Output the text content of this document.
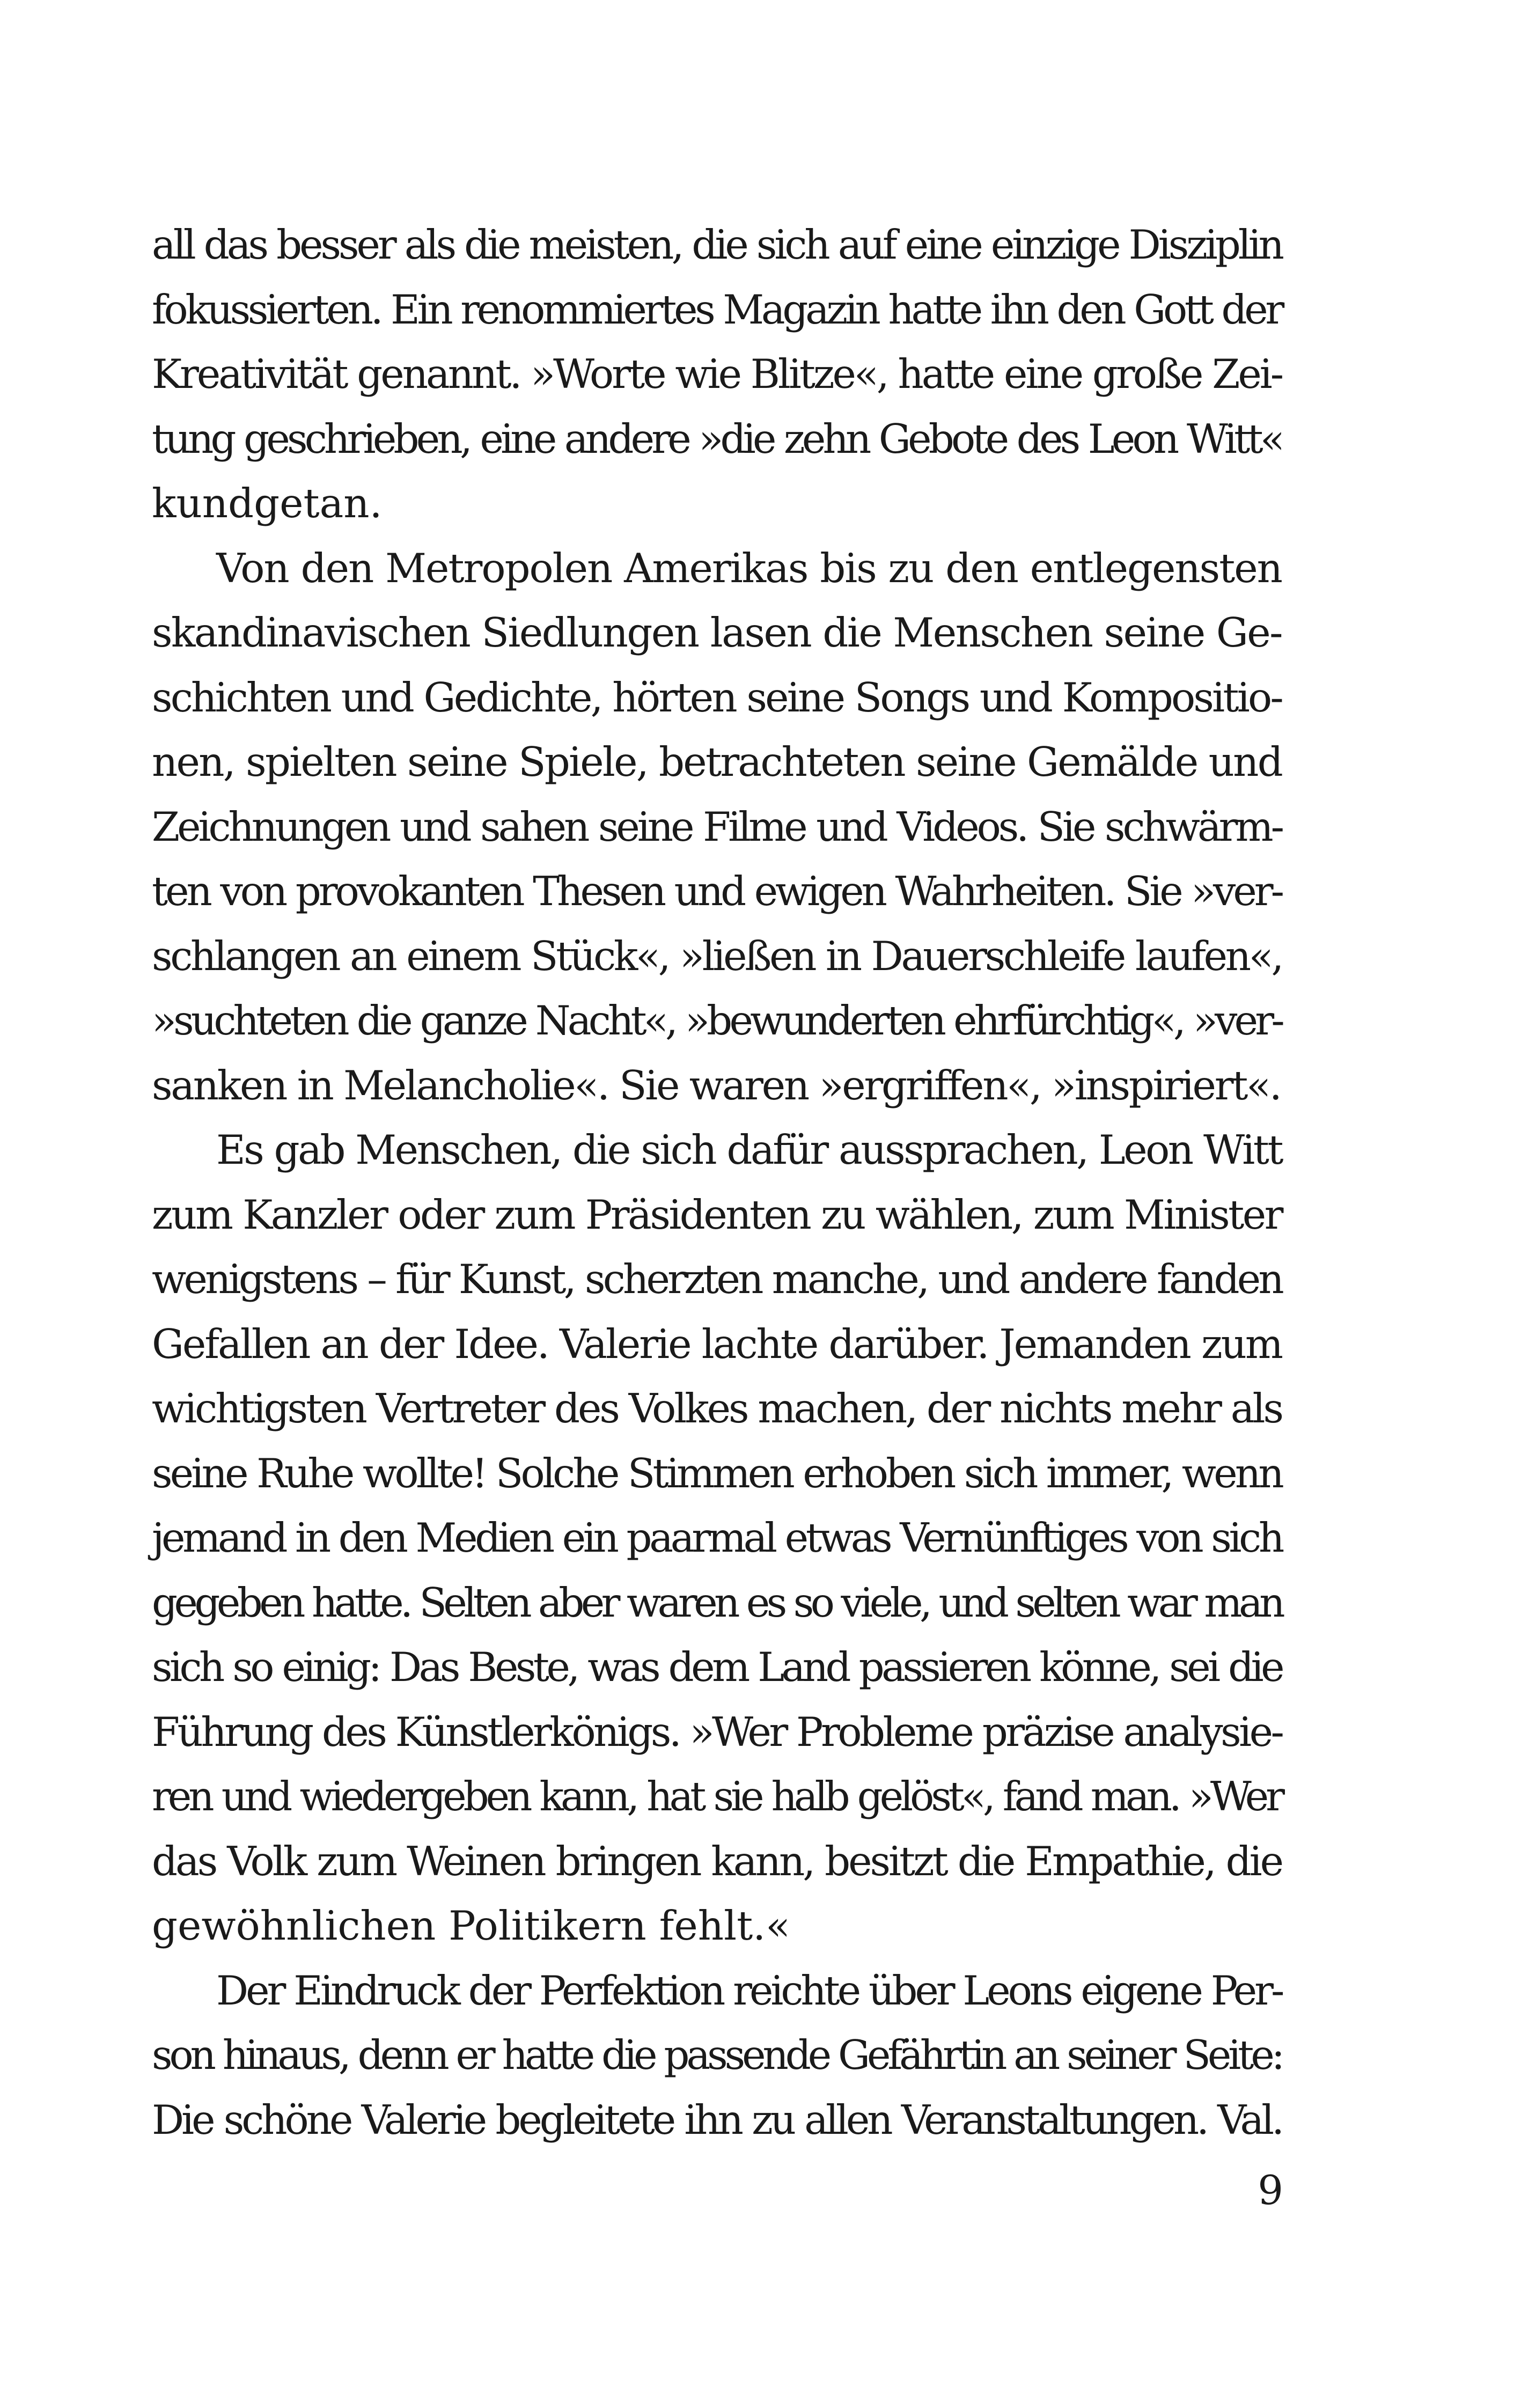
all das besser als die meisten, die sich auf eine einzige Disziplin
fokussierten. Ein renommiertes Magazin hatte ihn den Gott der
Kreativität genannt. »Worte wie Blitze«, hatte eine große Zei-
tung geschrieben, eine andere »die zehn Gebote des Leon Witt«
kundgetan.
Von den Metropolen Amerikas bis zu den entlegensten
skandinavischen Siedlungen lasen die Menschen seine Ge-
schichten und Gedichte, hörten seine Songs und Kompositio-
nen, spielten seine Spiele, betrachteten seine Gemälde und
Zeichnungen und sahen seine Filme und Videos. Sie schwärm-
ten von provokanten Thesen und ewigen Wahrheiten. Sie »ver-
schlangen an einem Stück«, »ließen in Dauerschleife laufen«,
»suchteten die ganze Nacht«, »bewunderten ehrfürchtig«, »ver-
sanken in Melancholie«. Sie waren »ergriffen«, »inspiriert«.
Es gab Menschen, die sich dafür aussprachen, Leon Witt
zum Kanzler oder zum Präsidenten zu wählen, zum Minister
wenigstens – für Kunst, scherzten manche, und andere fanden
Gefallen an der Idee. Valerie lachte darüber. Jemanden zum
wichtigsten Vertreter des Volkes machen, der nichts mehr als
seine Ruhe wollte! Solche Stimmen erhoben sich immer, wenn
jemand in den Medien ein paarmal etwas Vernünftiges von sich
gegeben hatte. Selten aber waren es so viele, und selten war man
sich so einig: Das Beste, was dem Land passieren könne, sei die
Führung des Künstlerkönigs. »Wer Probleme präzise analysie-
ren und wiedergeben kann, hat sie halb gelöst«, fand man. »Wer
das Volk zum Weinen bringen kann, besitzt die Empathie, die
gewöhnlichen Politikern fehlt.«
Der Eindruck der Perfektion reichte über Leons eigene Per-
son hinaus, denn er hatte die passende Gefährtin an seiner Seite:
Die schöne Valerie begleitete ihn zu allen Veranstaltungen. Val.
9
